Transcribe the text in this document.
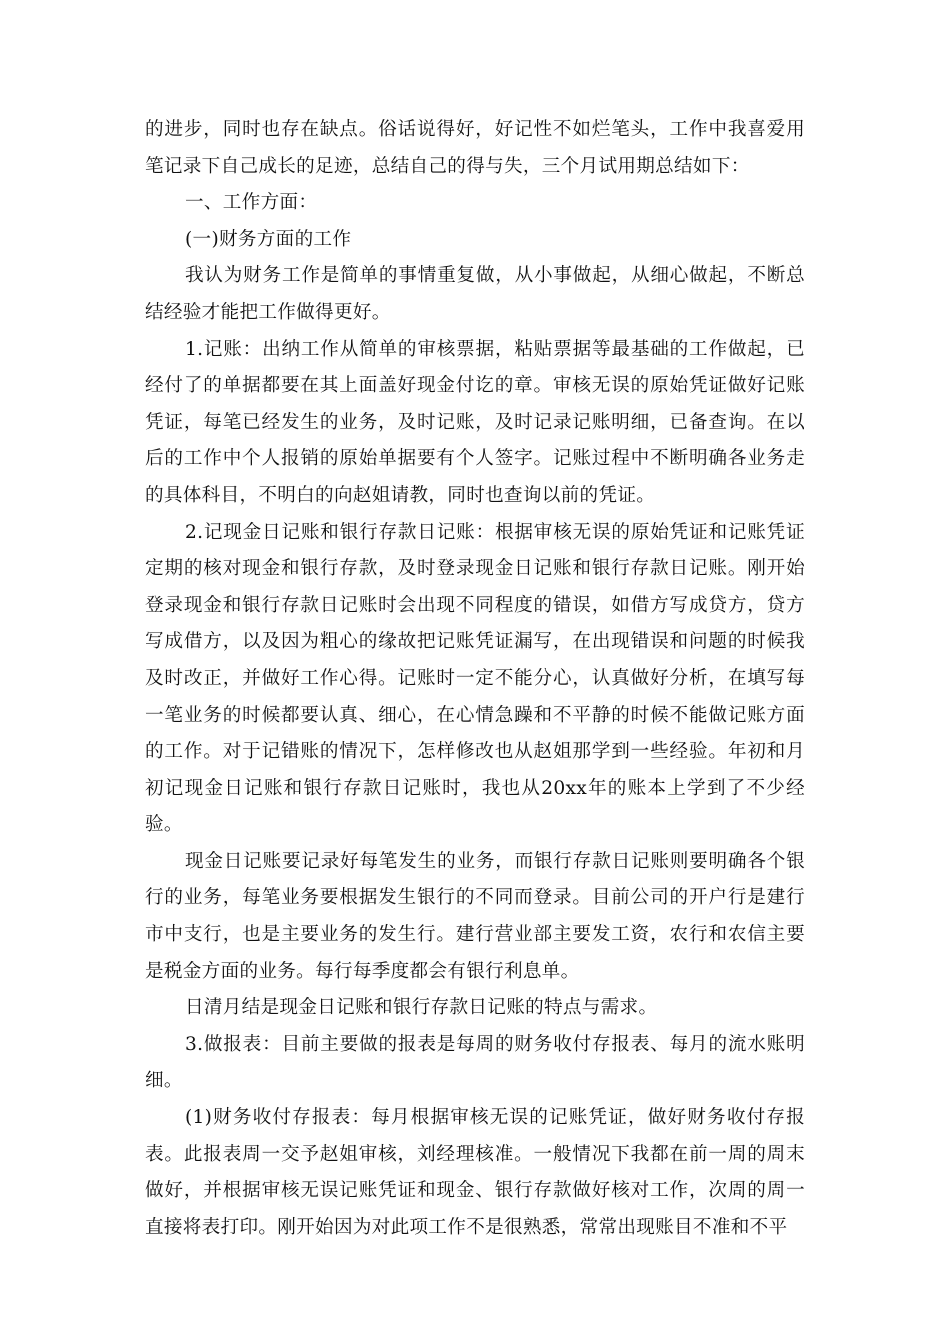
的进步，同时也存在缺点。俗话说得好，好记性不如烂笔头，工作中我喜爱用笔记录下自己成长的足迹，总结自己的得与失，三个月试用期总结如下：

一、工作方面：

(一)财务方面的工作

我认为财务工作是简单的事情重复做，从小事做起，从细心做起，不断总结经验才能把工作做得更好。

1.记账：出纳工作从简单的审核票据，粘贴票据等最基础的工作做起，已经付了的单据都要在其上面盖好现金付讫的章。审核无误的原始凭证做好记账凭证，每笔已经发生的业务，及时记账，及时记录记账明细，已备查询。在以后的工作中个人报销的原始单据要有个人签字。记账过程中不断明确各业务走的具体科目，不明白的向赵姐请教，同时也查询以前的凭证。

2.记现金日记账和银行存款日记账：根据审核无误的原始凭证和记账凭证定期的核对现金和银行存款，及时登录现金日记账和银行存款日记账。刚开始登录现金和银行存款日记账时会出现不同程度的错误，如借方写成贷方，贷方写成借方，以及因为粗心的缘故把记账凭证漏写，在出现错误和问题的时候我及时改正，并做好工作心得。记账时一定不能分心，认真做好分析，在填写每一笔业务的时候都要认真、细心，在心情急躁和不平静的时候不能做记账方面的工作。对于记错账的情况下，怎样修改也从赵姐那学到一些经验。年初和月初记现金日记账和银行存款日记账时，我也从20xx年的账本上学到了不少经验。

现金日记账要记录好每笔发生的业务，而银行存款日记账则要明确各个银行的业务，每笔业务要根据发生银行的不同而登录。目前公司的开户行是建行市中支行，也是主要业务的发生行。建行营业部主要发工资，农行和农信主要是税金方面的业务。每行每季度都会有银行利息单。

日清月结是现金日记账和银行存款日记账的特点与需求。

3.做报表：目前主要做的报表是每周的财务收付存报表、每月的流水账明细。

(1)财务收付存报表：每月根据审核无误的记账凭证，做好财务收付存报表。此报表周一交予赵姐审核，刘经理核准。一般情况下我都在前一周的周末做好，并根据审核无误记账凭证和现金、银行存款做好核对工作，次周的周一直接将表打印。刚开始因为对此项工作不是很熟悉，常常出现账目不准和不平
